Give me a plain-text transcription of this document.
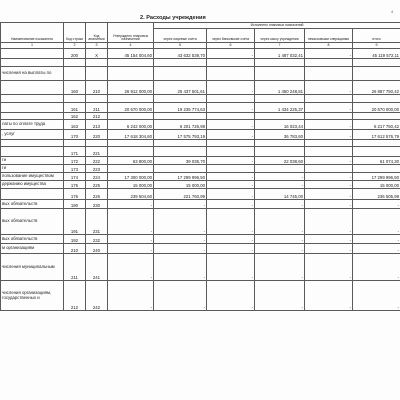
2. Расходы учреждения
4
Наименование показателя	Код строки	Код аналитики	Утверждено плановых назначений	Исполнено плановых назначений					
				через лицевые счета	через банковские счета	через кассу учреждения	некассовыми операциями	итого	
1	2	3	4	5	6	7	8	9	
	200	X	45 154 004,60	43 632 539,70	-	1 487 032,41	-	45 119 572,11	

числения на выплаты по									
	160	210	26 912 000,00	25 437 501,61	-	1 450 248,81	-	26 887 750,42	

	161	211	20 670 000,00	19 235 774,63	-	1 434 225,37	-	20 670 000,00	
	162	212							
латы по оплате труда	163	213	6 242 000,00	6 201 726,98	-	16 023,44	-	6 217 750,42	
, услуг	170	220	17 618 304,60	17 575 793,19	-	36 783,60	-	17 612 576,79	

	171	221							
ги	172	222	63 800,00	39 035,70	-	22 038,60	-	61 074,30	
ги	173	223							
пользование имуществом	174	224	17 300 000,00	17 299 996,50	-	-	-	17 299 996,50	
держанию имущества	175	225	15 000,00	15 000,00	-	-	-	15 000,00	
	176	226	239 504,60	221 760,99	-	14 745,00	-	236 505,99	
вых обязательств	190	230	-	-	-	-	-	-	
вых обязательств	191	231	-	-	-	-	-	-	
вых обязательств	192	232	-	-	-	-	-	-	
м организациям	210	240	-	-	-	-	-	-	
числения муниципальным	211	241	-	-	-	-	-	-	
числения организациям, государственных и	212	242	-	-	-	-	-	-	
